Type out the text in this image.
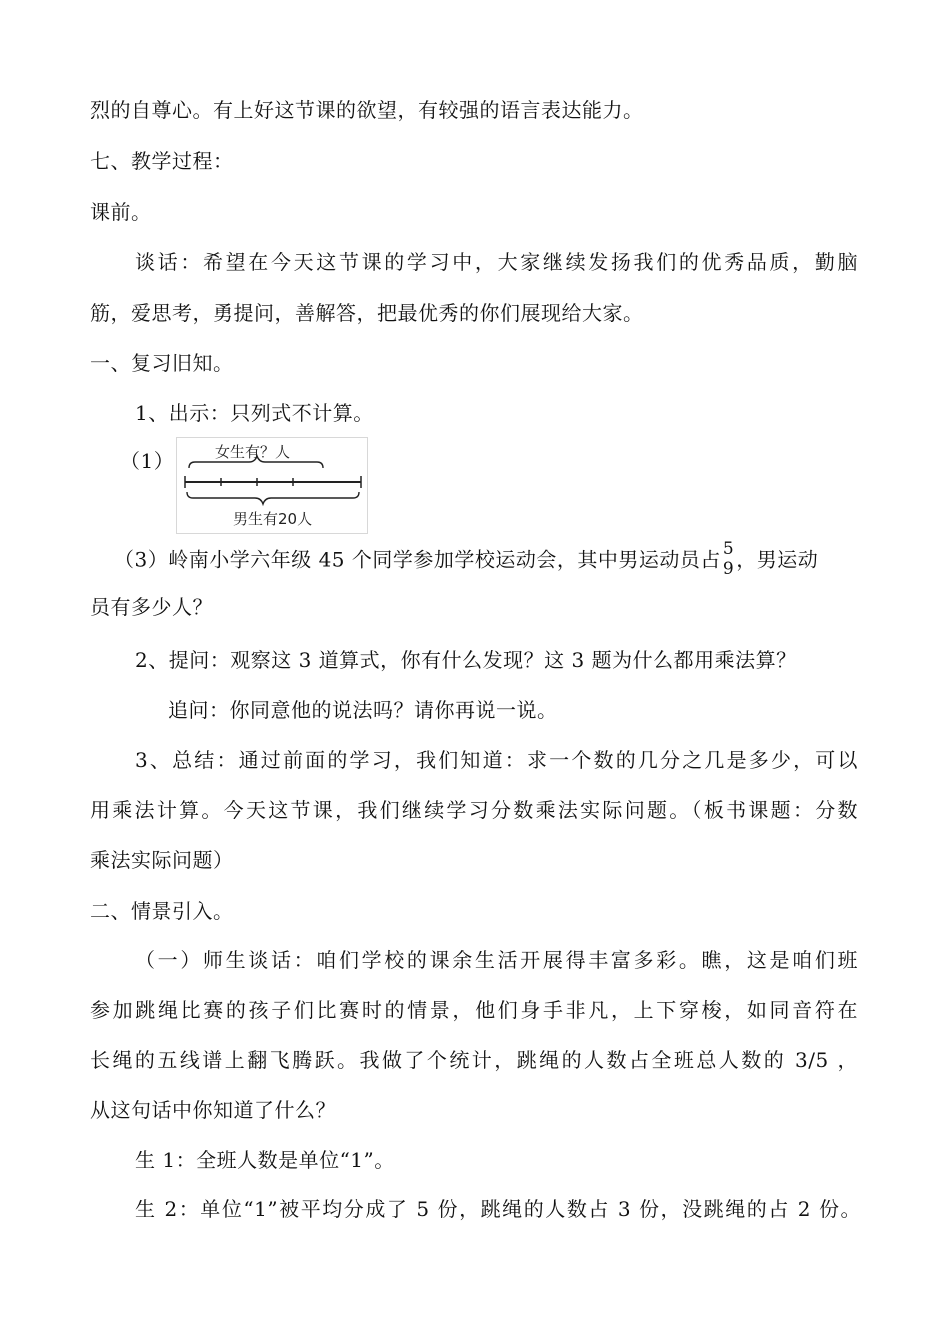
烈的自尊心。有上好这节课的欲望，有较强的语言表达能力。
七、教学过程：
课前。
谈话：希望在今天这节课的学习中，大家继续发扬我们的优秀品质，勤脑
筋，爱思考，勇提问，善解答，把最优秀的你们展现给大家。
一、复习旧知。
1、出示：只列式不计算。
（1）	女生有？人
男生有20人
（3）岭南小学六年级 45 个同学参加学校运动会，其中男运动员占 5
9 ，男运动
员有多少人？
2、提问：观察这 3 道算式，你有什么发现？这 3 题为什么都用乘法算？
追问：你同意他的说法吗？请你再说一说。
3、总结：通过前面的学习，我们知道：求一个数的几分之几是多少，可以
用乘法计算。今天这节课，我们继续学习分数乘法实际问题。（板书课题：分数
乘法实际问题）
二、情景引入。
（一）师生谈话：咱们学校的课余生活开展得丰富多彩。瞧，这是咱们班
参加跳绳比赛的孩子们比赛时的情景，他们身手非凡，上下穿梭，如同音符在
长绳的五线谱上翻飞腾跃。我做了个统计，跳绳的人数占全班总人数的 3/5 ，
从这句话中你知道了什么？
生 1：全班人数是单位“1”。
生 2：单位“1”被平均分成了 5 份，跳绳的人数占 3 份，没跳绳的占 2 份。
